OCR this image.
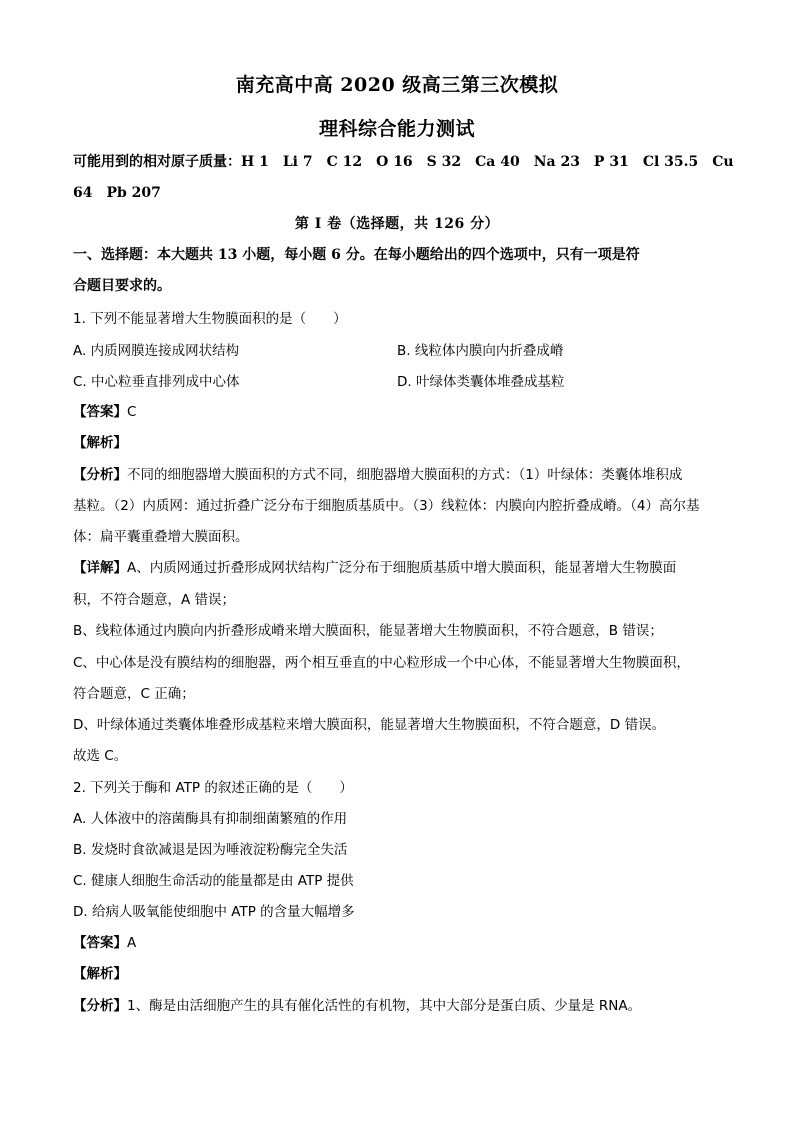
南充高中高 2020 级高三第三次模拟
理科综合能力测试
可能用到的相对原子质量：H 1　Li 7　C 12　O 16　S 32　Ca 40　Na 23　P 31　Cl 35.5　Cu
64　Pb 207
第 I 卷（选择题，共 126 分）
一、选择题：本大题共 13 小题，每小题 6 分。在每小题给出的四个选项中，只有一项是符
合题目要求的。
1. 下列不能显著增大生物膜面积的是（　　）
A. 内质网膜连接成网状结构	B. 线粒体内膜向内折叠成嵴
C. 中心粒垂直排列成中心体	D. 叶绿体类囊体堆叠成基粒
【答案】C
【解析】
【分析】不同的细胞器增大膜面积的方式不同，细胞器增大膜面积的方式：（1）叶绿体：类囊体堆积成
基粒。（2）内质网：通过折叠广泛分布于细胞质基质中。（3）线粒体：内膜向内腔折叠成嵴。（4）高尔基
体：扁平囊重叠增大膜面积。
【详解】A、内质网通过折叠形成网状结构广泛分布于细胞质基质中增大膜面积，能显著增大生物膜面
积，不符合题意，A 错误；
B、线粒体通过内膜向内折叠形成嵴来增大膜面积，能显著增大生物膜面积，不符合题意，B 错误；
C、中心体是没有膜结构的细胞器，两个相互垂直的中心粒形成一个中心体，不能显著增大生物膜面积，
符合题意，C 正确；
D、叶绿体通过类囊体堆叠形成基粒来增大膜面积，能显著增大生物膜面积，不符合题意，D 错误。
故选 C。
2. 下列关于酶和 ATP 的叙述正确的是（　　）
A. 人体液中的溶菌酶具有抑制细菌繁殖的作用
B. 发烧时食欲减退是因为唾液淀粉酶完全失活
C. 健康人细胞生命活动的能量都是由 ATP 提供
D. 给病人吸氧能使细胞中 ATP 的含量大幅增多
【答案】A
【解析】
【分析】1、酶是由活细胞产生的具有催化活性的有机物，其中大部分是蛋白质、少量是 RNA。
